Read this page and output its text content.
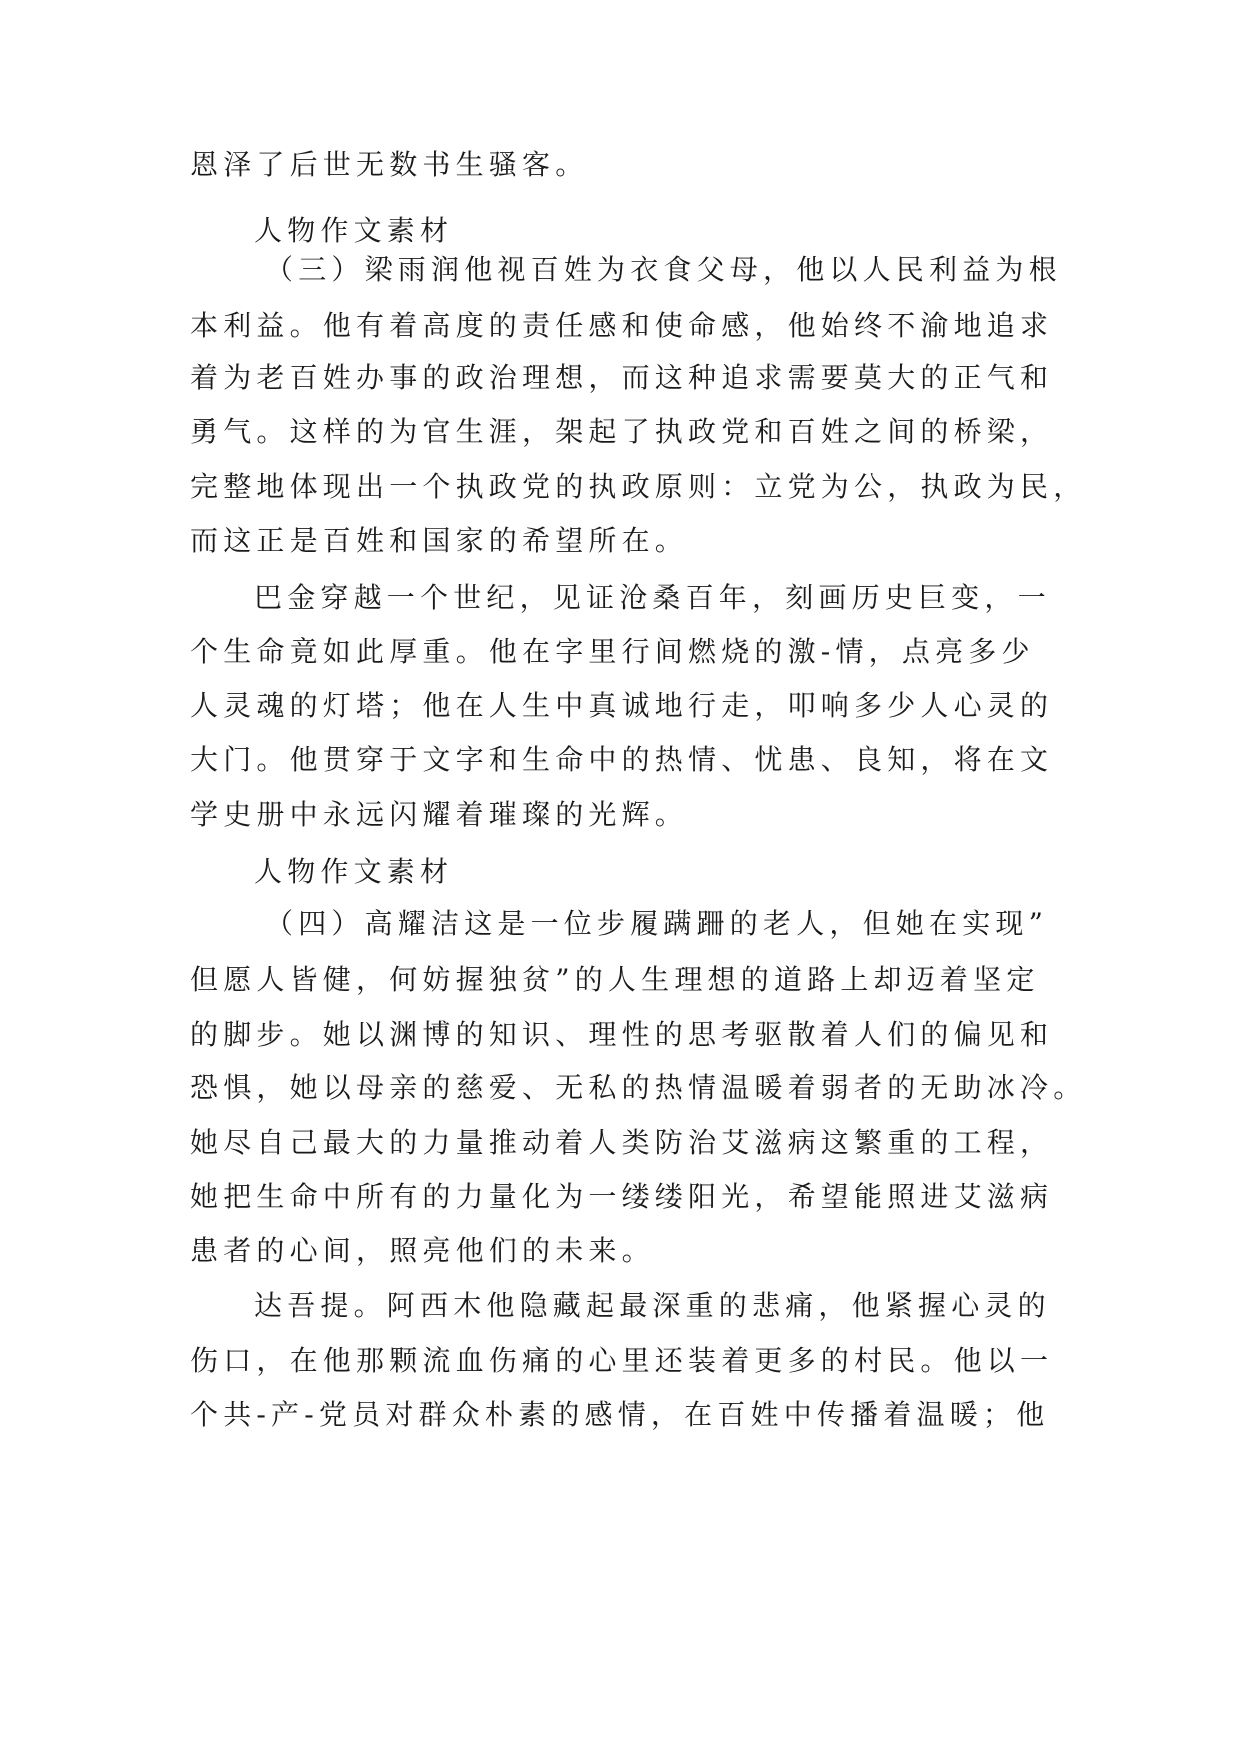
恩泽了后世无数书生骚客。
人物作文素材
（三）梁雨润他视百姓为衣食父母，他以人民利益为根
本利益。他有着高度的责任感和使命感，他始终不渝地追求
着为老百姓办事的政治理想，而这种追求需要莫大的正气和
勇气。这样的为官生涯，架起了执政党和百姓之间的桥梁，
完整地体现出一个执政党的执政原则：立党为公，执政为民，
而这正是百姓和国家的希望所在。
巴金穿越一个世纪，见证沧桑百年，刻画历史巨变，一
个生命竟如此厚重。他在字里行间燃烧的激-情，点亮多少
人灵魂的灯塔；他在人生中真诚地行走，叩响多少人心灵的
大门。他贯穿于文字和生命中的热情、忧患、良知，将在文
学史册中永远闪耀着璀璨的光辉。
人物作文素材
（四）高耀洁这是一位步履蹒跚的老人，但她在实现”
但愿人皆健，何妨握独贫”的人生理想的道路上却迈着坚定
的脚步。她以渊博的知识、理性的思考驱散着人们的偏见和
恐惧，她以母亲的慈爱、无私的热情温暖着弱者的无助冰冷。
她尽自己最大的力量推动着人类防治艾滋病这繁重的工程，
她把生命中所有的力量化为一缕缕阳光，希望能照进艾滋病
患者的心间，照亮他们的未来。
达吾提。阿西木他隐藏起最深重的悲痛，他紧握心灵的
伤口，在他那颗流血伤痛的心里还装着更多的村民。他以一
个共-产-党员对群众朴素的感情，在百姓中传播着温暖；他
